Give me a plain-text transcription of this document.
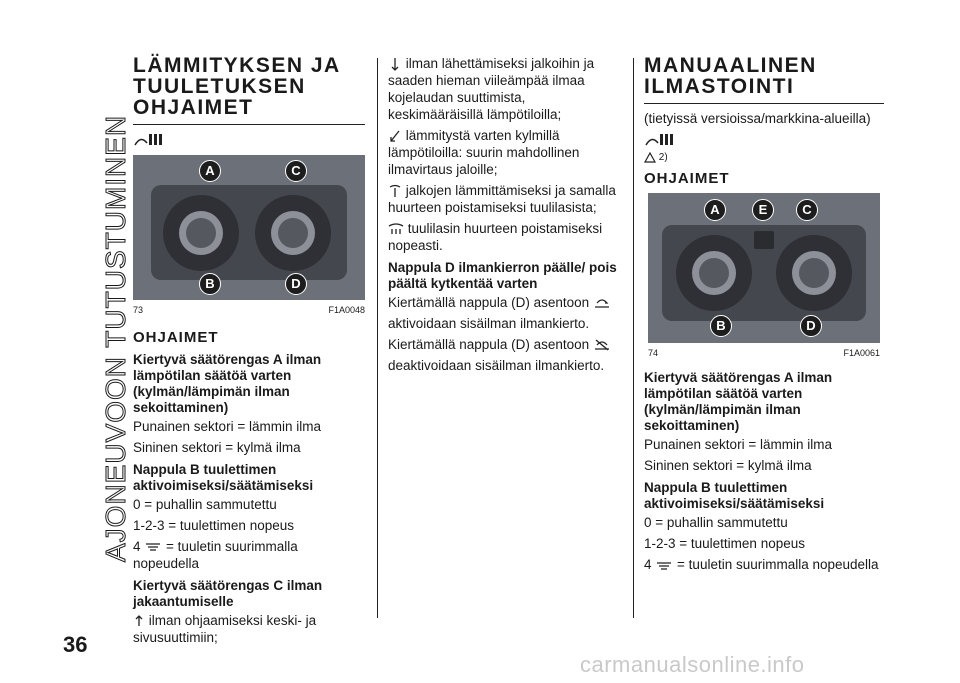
AJONEUVOON TUTUSTUMINEN
LÄMMITYKSEN JA TUULETUKSEN OHJAIMET
A	C
B	D
73	F1A0048
OHJAIMET
Kiertyvä säätörengas A ilman lämpötilan säätöä varten (kylmän/lämpimän ilman sekoittaminen)

Punainen sektori = lämmin ilma

Sininen sektori = kylmä ilma

Nappula B tuulettimen aktivoimiseksi/säätämiseksi

0 = puhallin sammutettu

1-2-3 = tuulettimen nopeus

4 = tuuletin suurimmalla nopeudella

Kiertyvä säätörengas C ilman jakaantumiselle

ilman ohjaamiseksi keski- ja sivusuuttimiin;

ilman lähettämiseksi jalkoihin ja saaden hieman viileämpää ilmaa kojelaudan suuttimista, keskimääräisillä lämpötiloilla;

lämmitystä varten kylmillä lämpötiloilla: suurin mahdollinen ilmavirtaus jaloille;

jalkojen lämmittämiseksi ja samalla huurteen poistamiseksi tuulilasista;

tuulilasin huurteen poistamiseksi nopeasti.

Nappula D ilmankierron päälle/ pois päältä kytkentää varten

Kiertämällä nappula (D) asentoon

aktivoidaan sisäilman ilmankierto.

Kiertämällä nappula (D) asentoon

deaktivoidaan sisäilman ilmankierto.

MANUAALINEN ILMASTOINTI

(tietyissä versioissa/markkina-alueilla)

2)
OHJAIMET
A	E	C
B	D
74	F1A0061
Kiertyvä säätörengas A ilman lämpötilan säätöä varten (kylmän/lämpimän ilman sekoittaminen)

Punainen sektori = lämmin ilma

Sininen sektori = kylmä ilma

Nappula B tuulettimen aktivoimiseksi/säätämiseksi

0 = puhallin sammutettu

1-2-3 = tuulettimen nopeus

4 = tuuletin suurimmalla nopeudella

36
carmanualsonline.info
